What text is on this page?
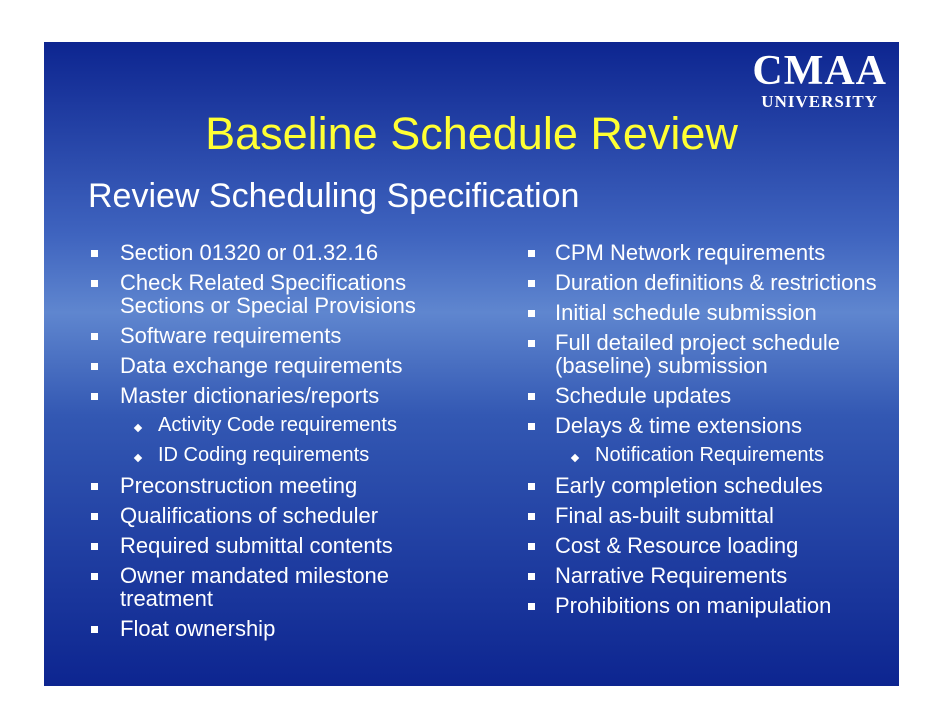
CMAA
UNIVERSITY
Baseline Schedule Review
Review Scheduling Specification
Section 01320 or 01.32.16
Check Related Specifications Sections or Special Provisions
Software requirements
Data exchange requirements
Master dictionaries/reports
Activity Code requirements
ID Coding requirements
Preconstruction meeting
Qualifications of scheduler
Required submittal contents
Owner mandated milestone treatment
Float ownership
CPM Network requirements
Duration definitions & restrictions
Initial schedule submission
Full detailed project schedule (baseline) submission
Schedule updates
Delays & time extensions
Notification Requirements
Early completion schedules
Final as-built submittal
Cost & Resource loading
Narrative Requirements
Prohibitions on manipulation
